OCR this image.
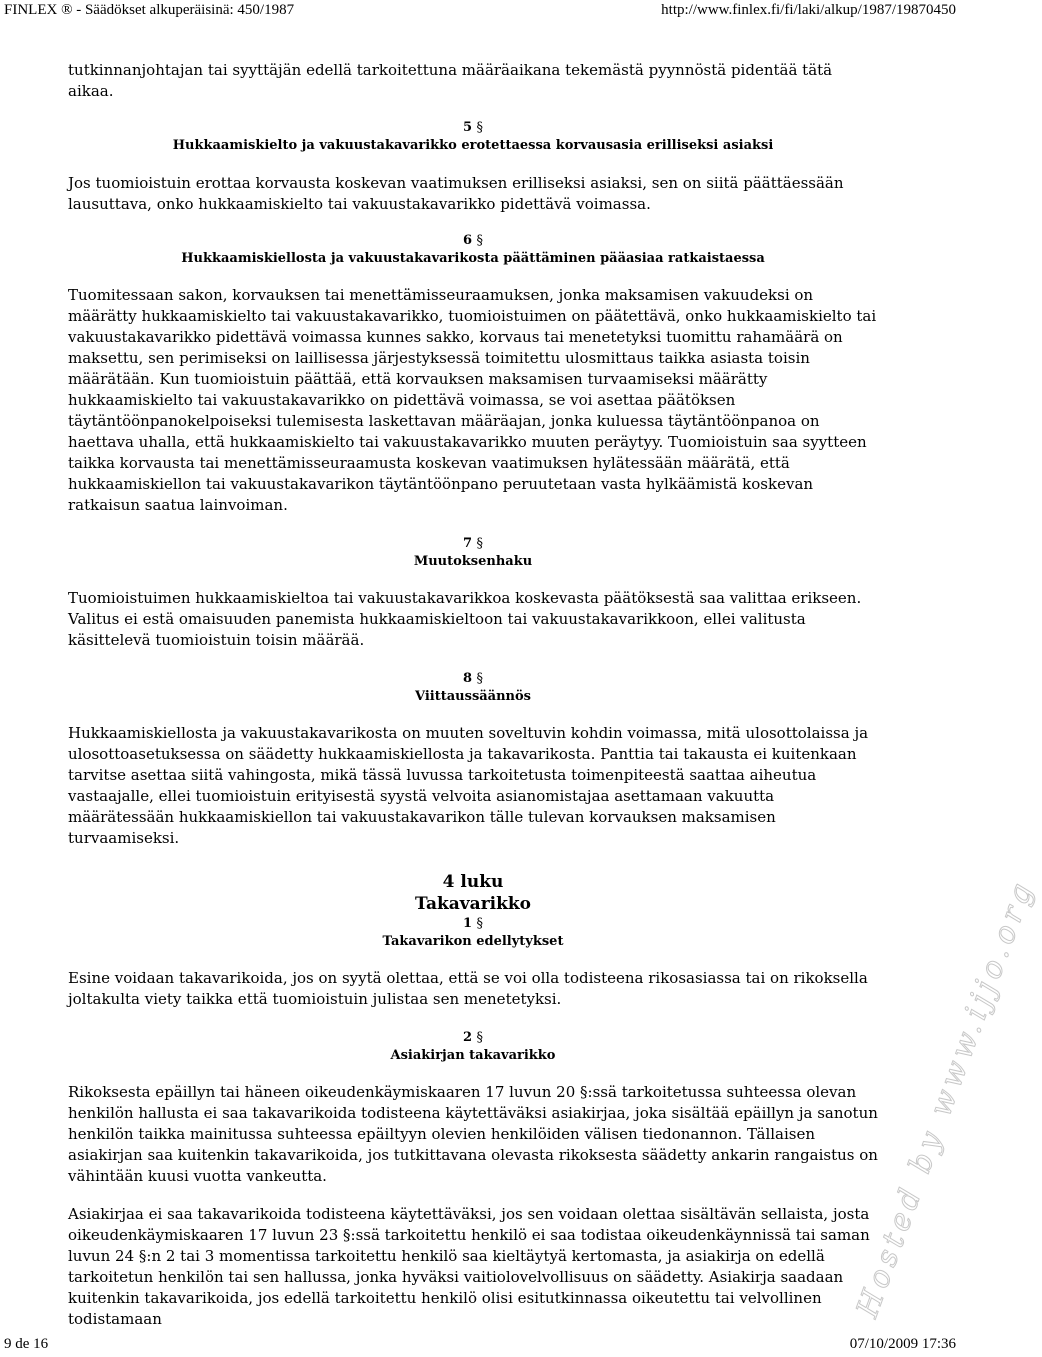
FINLEX ® - Säädökset alkuperäisinä: 450/1987	http://www.finlex.fi/fi/laki/alkup/1987/19870450

tutkinnanjohtajan tai syyttäjän edellä tarkoitettuna määräaikana tekemästä pyynnöstä pidentää tätä aikaa.

5 §
Hukkaamiskielto ja vakuustakavarikko erotettaessa korvausasia erilliseksi asiaksi

Jos tuomioistuin erottaa korvausta koskevan vaatimuksen erilliseksi asiaksi, sen on siitä päättäessään lausuttava, onko hukkaamiskielto tai vakuustakavarikko pidettävä voimassa.

6 §
Hukkaamiskiellosta ja vakuustakavarikosta päättäminen pääasiaa ratkaistaessa

Tuomitessaan sakon, korvauksen tai menettämisseuraamuksen, jonka maksamisen vakuudeksi on määrätty hukkaamiskielto tai vakuustakavarikko, tuomioistuimen on päätettävä, onko hukkaamiskielto tai vakuustakavarikko pidettävä voimassa kunnes sakko, korvaus tai menetetyksi tuomittu rahamäärä on maksettu, sen perimiseksi on laillisessa järjestyksessä toimitettu ulosmittaus taikka asiasta toisin määrätään. Kun tuomioistuin päättää, että korvauksen maksamisen turvaamiseksi määrätty hukkaamiskielto tai vakuustakavarikko on pidettävä voimassa, se voi asettaa päätöksen täytäntöönpanokelpoiseksi tulemisesta laskettavan määräajan, jonka kuluessa täytäntöönpanoa on haettava uhalla, että hukkaamiskielto tai vakuustakavarikko muuten peräytyy. Tuomioistuin saa syytteen taikka korvausta tai menettämisseuraamusta koskevan vaatimuksen hylätessään määrätä, että hukkaamiskiellon tai vakuustakavarikon täytäntöönpano peruutetaan vasta hylkäämistä koskevan ratkaisun saatua lainvoiman.

7 §
Muutoksenhaku

Tuomioistuimen hukkaamiskieltoa tai vakuustakavarikkoa koskevasta päätöksestä saa valittaa erikseen. Valitus ei estä omaisuuden panemista hukkaamiskieltoon tai vakuustakavarikkoon, ellei valitusta käsittelevä tuomioistuin toisin määrää.

8 §
Viittaussäännös

Hukkaamiskiellosta ja vakuustakavarikosta on muuten soveltuvin kohdin voimassa, mitä ulosottolaissa ja ulosottoasetuksessa on säädetty hukkaamiskiellosta ja takavarikosta. Panttia tai takausta ei kuitenkaan tarvitse asettaa siitä vahingosta, mikä tässä luvussa tarkoitetusta toimenpiteestä saattaa aiheutua vastaajalle, ellei tuomioistuin erityisestä syystä velvoita asianomistajaa asettamaan vakuutta määrätessään hukkaamiskiellon tai vakuustakavarikon tälle tulevan korvauksen maksamisen turvaamiseksi.

4 luku
Takavarikko
1 §
Takavarikon edellytykset

Esine voidaan takavarikoida, jos on syytä olettaa, että se voi olla todisteena rikosasiassa tai on rikoksella joltakulta viety taikka että tuomioistuin julistaa sen menetetyksi.

2 §
Asiakirjan takavarikko

Rikoksesta epäillyn tai häneen oikeudenkäymiskaaren 17 luvun 20 §:ssä tarkoitetussa suhteessa olevan henkilön hallusta ei saa takavarikoida todisteena käytettäväksi asiakirjaa, joka sisältää epäillyn ja sanotun henkilön taikka mainitussa suhteessa epäiltyyn olevien henkilöiden välisen tiedonannon. Tällaisen asiakirjan saa kuitenkin takavarikoida, jos tutkittavana olevasta rikoksesta säädetty ankarin rangaistus on vähintään kuusi vuotta vankeutta.

Asiakirjaa ei saa takavarikoida todisteena käytettäväksi, jos sen voidaan olettaa sisältävän sellaista, josta oikeudenkäymiskaaren 17 luvun 23 §:ssä tarkoitettu henkilö ei saa todistaa oikeudenkäynnissä tai saman luvun 24 §:n 2 tai 3 momentissa tarkoitettu henkilö saa kieltäytyä kertomasta, ja asiakirja on edellä tarkoitetun henkilön tai sen hallussa, jonka hyväksi vaitiolovelvollisuus on säädetty. Asiakirja saadaan kuitenkin takavarikoida, jos edellä tarkoitettu henkilö olisi esitutkinnassa oikeutettu tai velvollinen todistamaan	Hosted by www.ijjo.org
9 de 16	07/10/2009 17:36
